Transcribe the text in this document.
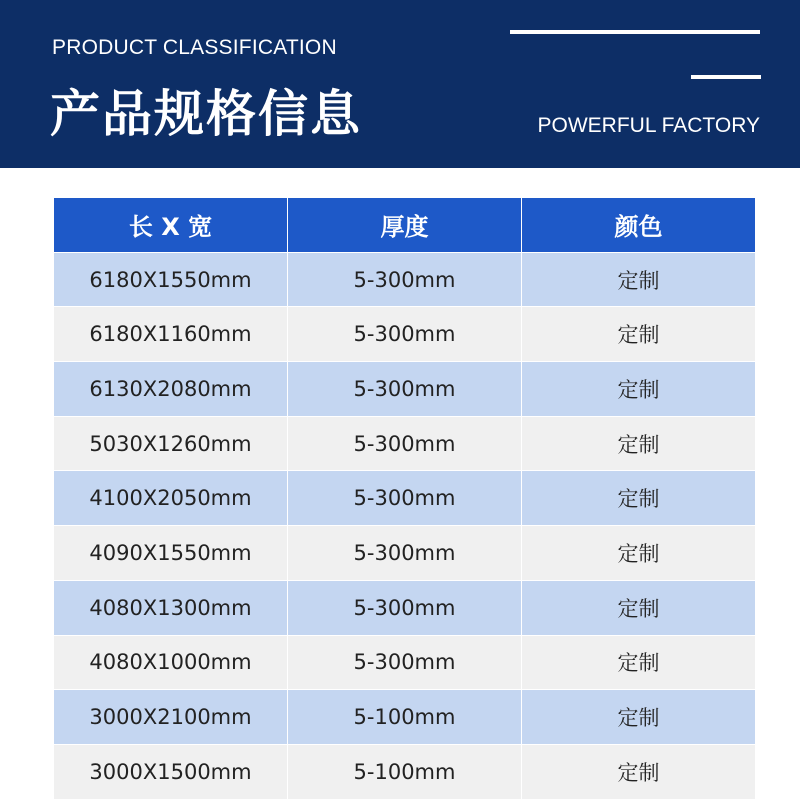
PRODUCT CLASSIFICATION
产品规格信息	POWERFUL FACTORY
长 X 宽	厚度	颜色
6180X1550mm	5-300mm	定制
6180X1160mm	5-300mm	定制
6130X2080mm	5-300mm	定制
5030X1260mm	5-300mm	定制
4100X2050mm	5-300mm	定制
4090X1550mm	5-300mm	定制
4080X1300mm	5-300mm	定制
4080X1000mm	5-300mm	定制
3000X2100mm	5-100mm	定制
3000X1500mm	5-100mm	定制
